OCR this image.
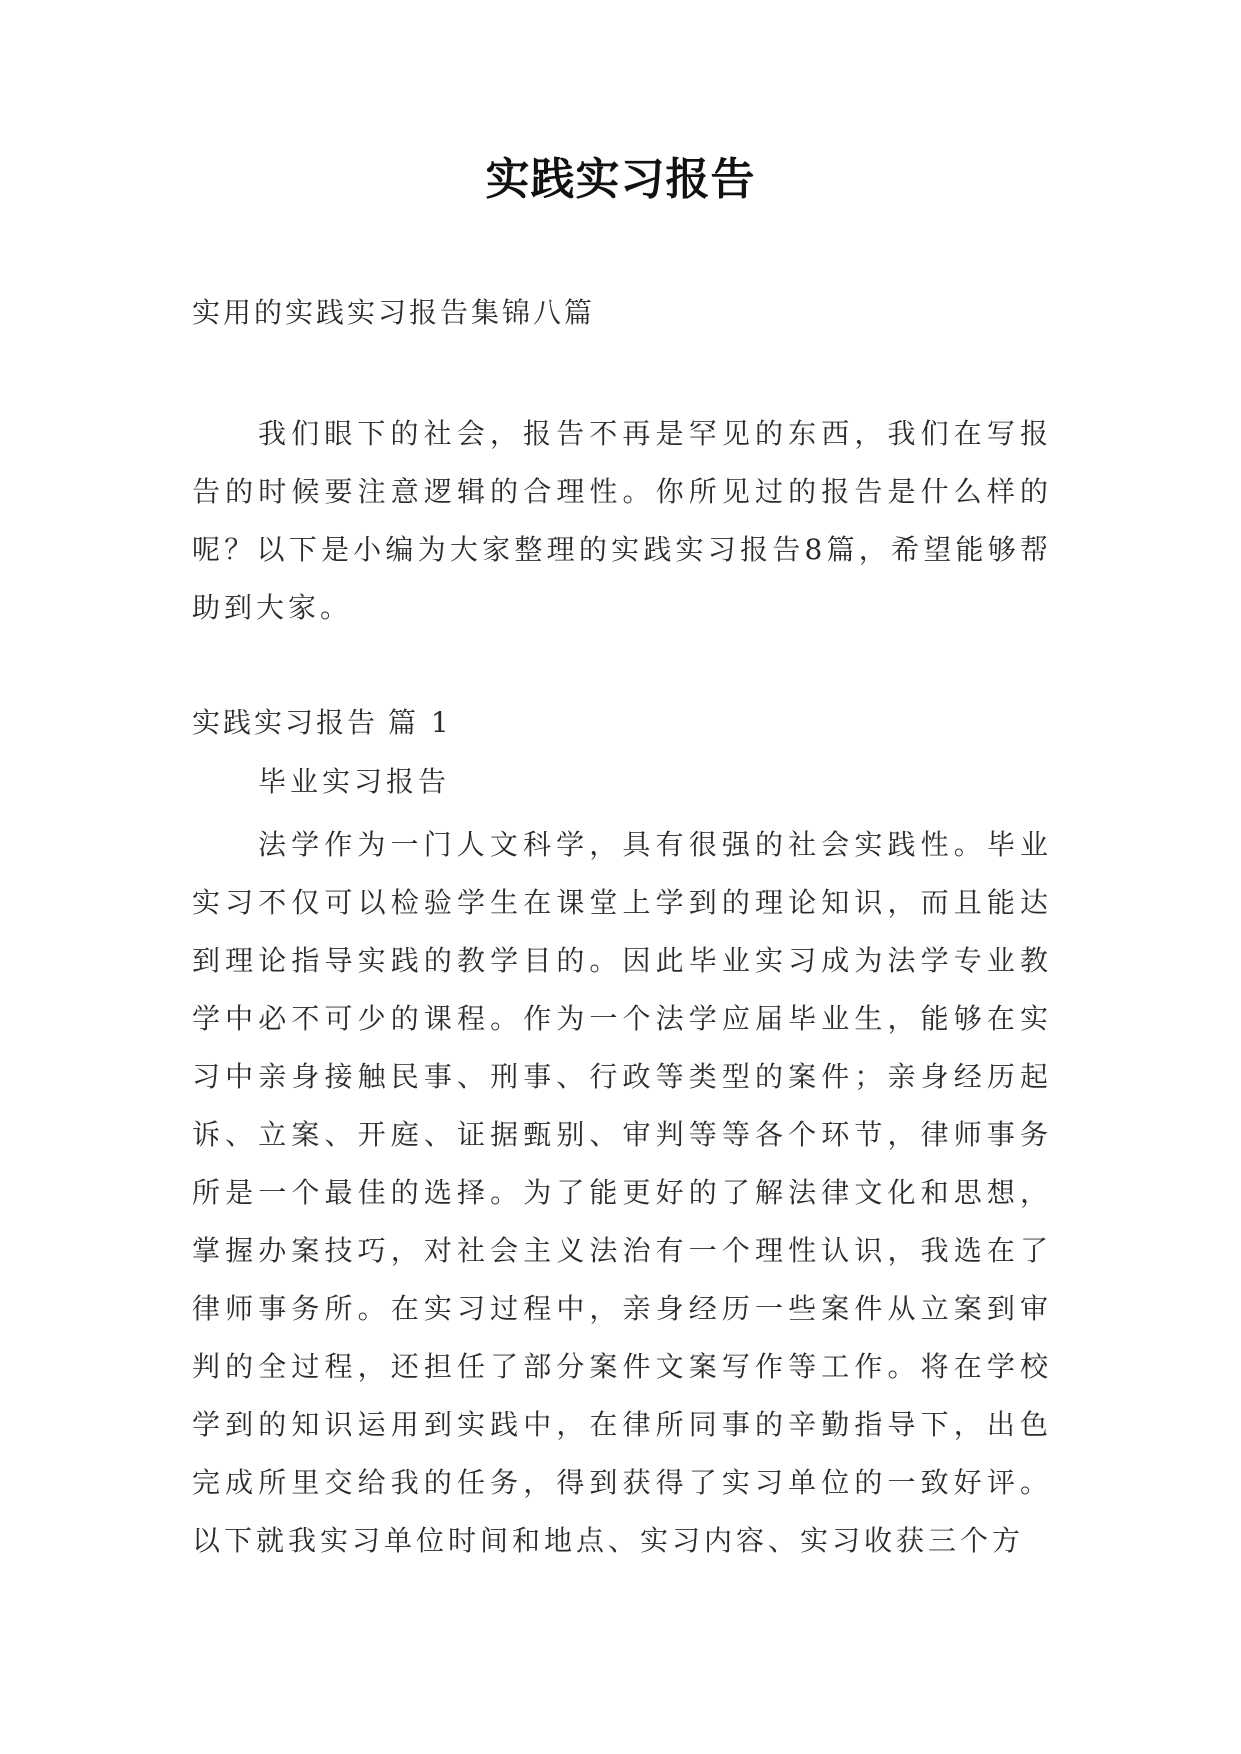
实践实习报告
实用的实践实习报告集锦八篇
我们眼下的社会，报告不再是罕见的东西，我们在写报告的时候要注意逻辑的合理性。你所见过的报告是什么样的呢？以下是小编为大家整理的实践实习报告8篇，希望能够帮助到大家。
实践实习报告 篇 1
毕业实习报告
法学作为一门人文科学，具有很强的社会实践性。毕业实习不仅可以检验学生在课堂上学到的理论知识，而且能达到理论指导实践的教学目的。因此毕业实习成为法学专业教学中必不可少的课程。作为一个法学应届毕业生，能够在实习中亲身接触民事、刑事、行政等类型的案件；亲身经历起诉、立案、开庭、证据甄别、审判等等各个环节，律师事务所是一个最佳的选择。为了能更好的了解法律文化和思想，掌握办案技巧，对社会主义法治有一个理性认识，我选在了律师事务所。在实习过程中，亲身经历一些案件从立案到审判的全过程，还担任了部分案件文案写作等工作。将在学校学到的知识运用到实践中，在律所同事的辛勤指导下，出色完成所里交给我的任务，得到获得了实习单位的一致好评。以下就我实习单位时间和地点、实习内容、实习收获三个方
